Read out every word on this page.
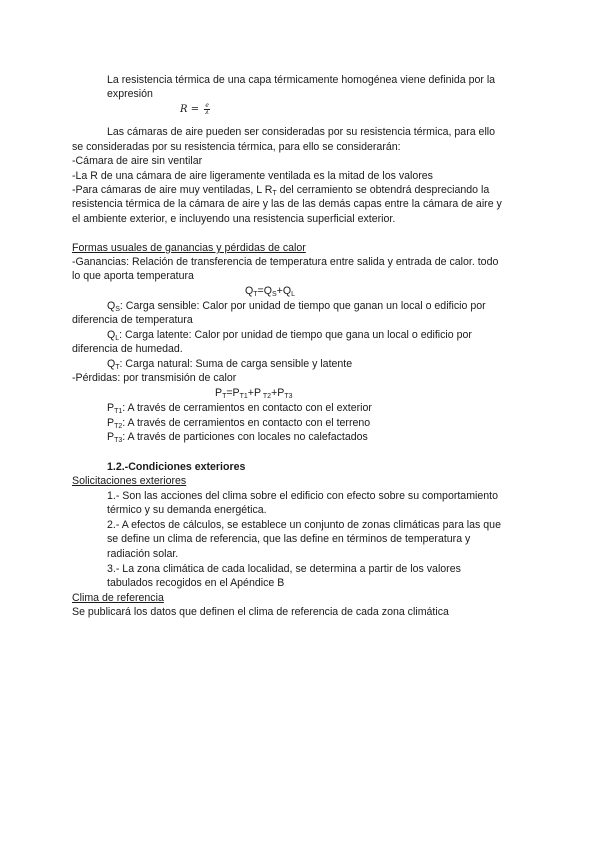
La resistencia térmica de una capa térmicamente homogénea viene definida por la
expresión
$R = \frac{e}{\lambda}$
Las cámaras de aire pueden ser consideradas por su resistencia térmica, para ello
se consideradas por su resistencia térmica, para ello se considerarán:
-Cámara de aire sin ventilar
-La R de una cámara de aire ligeramente ventilada es la mitad de los valores
-Para cámaras de aire muy ventiladas, L $R_T$ del cerramiento se obtendrá despreciando la
resistencia térmica de la cámara de aire y las de las demás capas entre la cámara de aire y
el ambiente exterior, e incluyendo una resistencia superficial exterior.
Formas usuales de ganancias y pérdidas de calor
-Ganancias: Relación de transferencia de temperatura entre salida y entrada de calor. todo
lo que aporta temperatura
$Q_T=Q_S+Q_L$
$Q_S$: Carga sensible: Calor por unidad de tiempo que ganan un local o edificio por
diferencia de temperatura
$Q_L$: Carga latente: Calor por unidad de tiempo que gana un local o edificio por
diferencia de humedad.
$Q_T$: Carga natural: Suma de carga sensible y latente
-Pérdidas: por transmisión de calor
$P_T=P_{T1}+P$ $_{T2}+P_{T3}$
$P_{T1}$: A través de cerramientos en contacto con el exterior
$P_{T2}$: A través de cerramientos en contacto con el terreno
$P_{T3}$: A través de particiones con locales no calefactados
1.2.-Condiciones exteriores
Solicitaciones exteriores
1.- Son las acciones del clima sobre el edificio con efecto sobre su comportamiento
térmico y su demanda energética.
2.- A efectos de cálculos, se establece un conjunto de zonas climáticas para las que
se define un clima de referencia, que las define en términos de temperatura y
radiación solar.
3.- La zona climática de cada localidad, se determina a partir de los valores
tabulados recogidos en el Apéndice B
Clima de referencia
Se publicará los datos que definen el clima de referencia de cada zona climática
